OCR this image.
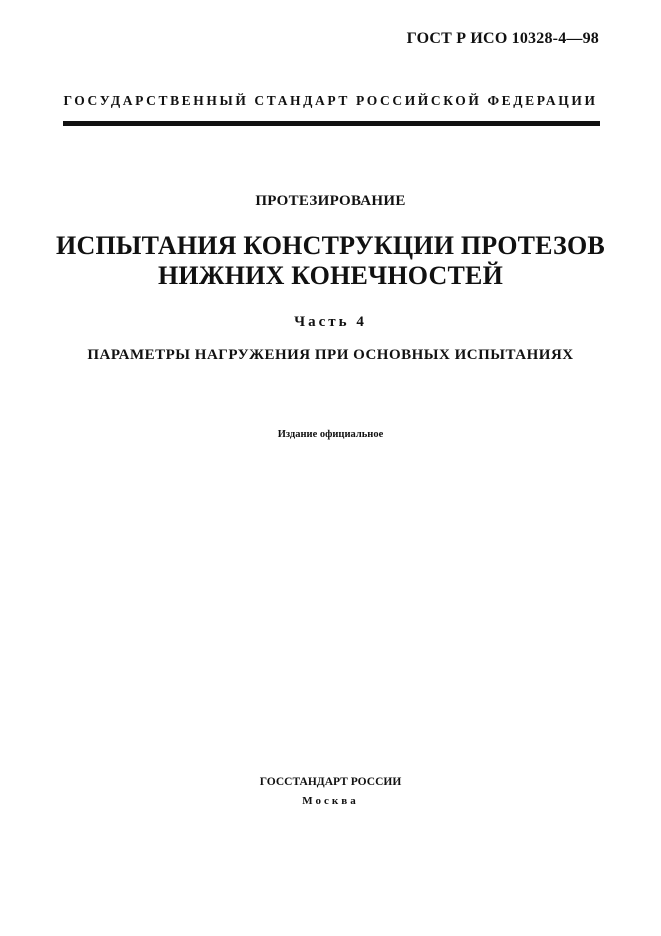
ГОСТ Р ИСО 10328-4—98
ГОСУДАРСТВЕННЫЙ СТАНДАРТ РОССИЙСКОЙ ФЕДЕРАЦИИ
ПРОТЕЗИРОВАНИЕ
ИСПЫТАНИЯ КОНСТРУКЦИИ ПРОТЕЗОВ
НИЖНИХ КОНЕЧНОСТЕЙ
Часть 4
ПАРАМЕТРЫ НАГРУЖЕНИЯ ПРИ ОСНОВНЫХ ИСПЫТАНИЯХ
Издание официальное
ГОССТАНДАРТ РОССИИ
Москва
